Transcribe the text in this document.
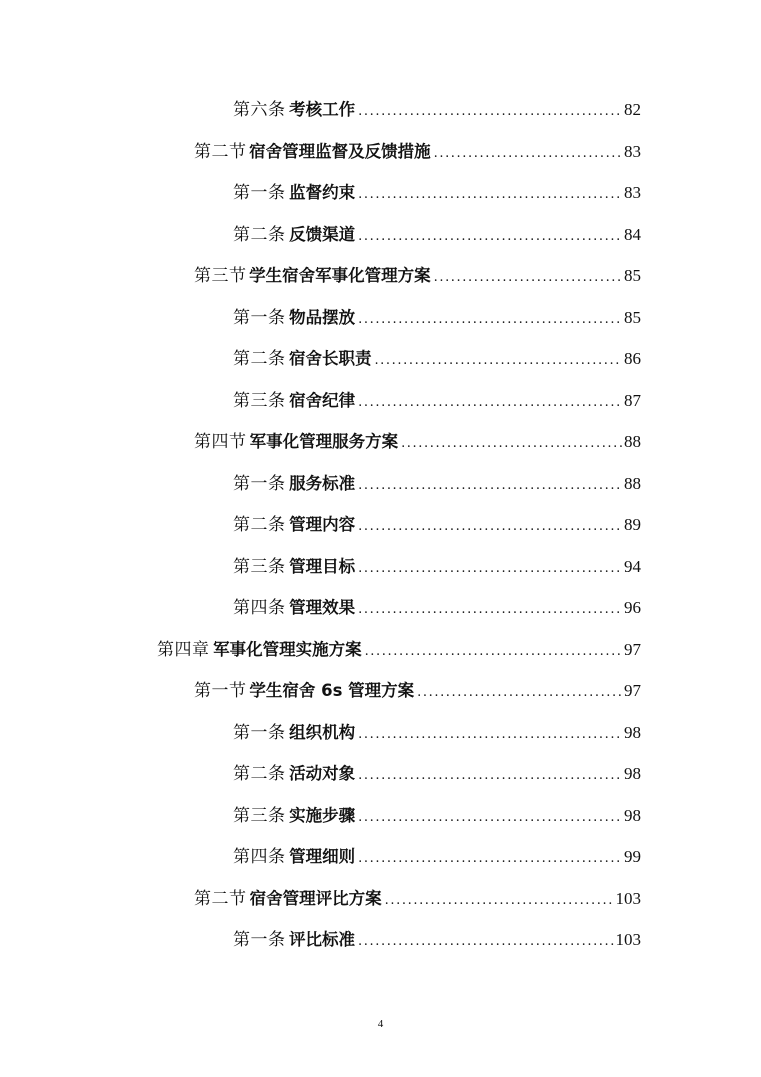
第六条 考核工作 .....	82
第二节 宿舍管理监督及反馈措施 .....	83
第一条 监督约束 .....	83
第二条 反馈渠道 .....	84
第三节 学生宿舍军事化管理方案 .....	85
第一条 物品摆放 .....	85
第二条 宿舍长职责 .....	86
第三条 宿舍纪律 .....	87
第四节 军事化管理服务方案 .....	88
第一条 服务标准 .....	88
第二条 管理内容 .....	89
第三条 管理目标 .....	94
第四条 管理效果 .....	96
第四章 军事化管理实施方案 .....	97
第一节 学生宿舍 6s 管理方案 .....	97
第一条 组织机构 .....	98
第二条 活动对象 .....	98
第三条 实施步骤 .....	98
第四条 管理细则 .....	99
第二节 宿舍管理评比方案 .....	103
第一条 评比标准 .....	103
4
